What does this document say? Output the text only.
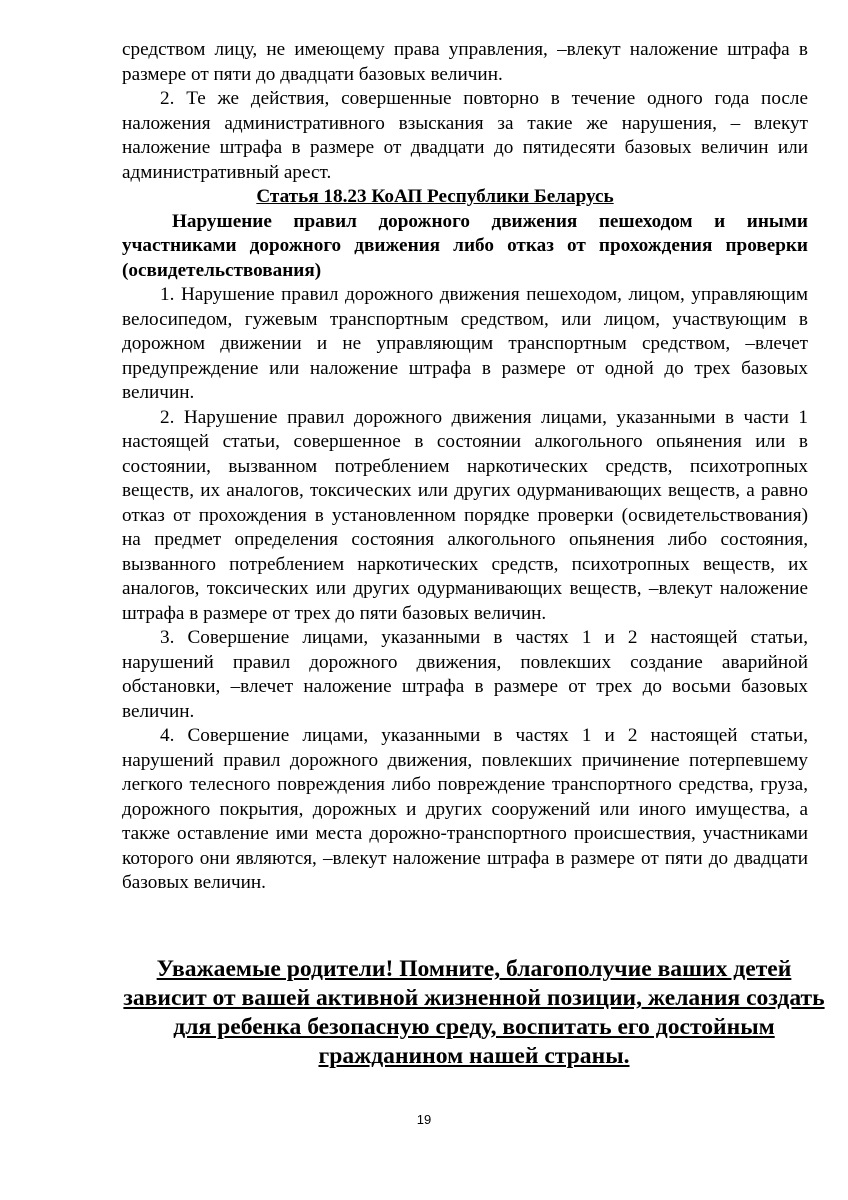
средством лицу, не имеющему права управления, –влекут наложение штрафа в размере от пяти до двадцати базовых величин.

2. Те же действия, совершенные повторно в течение одного года после наложения административного взыскания за такие же нарушения, – влекут наложение штрафа в размере от двадцати до пятидесяти базовых величин или административный арест.

Статья 18.23 КоАП Республики Беларусь

Нарушение правил дорожного движения пешеходом и иными участниками дорожного движения либо отказ от прохождения проверки (освидетельствования)

1. Нарушение правил дорожного движения пешеходом, лицом, управляющим велосипедом, гужевым транспортным средством, или лицом, участвующим в дорожном движении и не управляющим транспортным средством, –влечет предупреждение или наложение штрафа в размере от одной до трех базовых величин.

2. Нарушение правил дорожного движения лицами, указанными в части 1 настоящей статьи, совершенное в состоянии алкогольного опьянения или в состоянии, вызванном потреблением наркотических средств, психотропных веществ, их аналогов, токсических или других одурманивающих веществ, а равно отказ от прохождения в установленном порядке проверки (освидетельствования) на предмет определения состояния алкогольного опьянения либо состояния, вызванного потреблением наркотических средств, психотропных веществ, их аналогов, токсических или других одурманивающих веществ, –влекут наложение штрафа в размере от трех до пяти базовых величин.

3. Совершение лицами, указанными в частях 1 и 2 настоящей статьи, нарушений правил дорожного движения, повлекших создание аварийной обстановки, –влечет наложение штрафа в размере от трех до восьми базовых величин.

4. Совершение лицами, указанными в частях 1 и 2 настоящей статьи, нарушений правил дорожного движения, повлекших причинение потерпевшему легкого телесного повреждения либо повреждение транспортного средства, груза, дорожного покрытия, дорожных и других сооружений или иного имущества, а также оставление ими места дорожно-транспортного происшествия, участниками которого они являются, –влекут наложение штрафа в размере от пяти до двадцати базовых величин.

Уважаемые родители! Помните, благополучие ваших детей зависит от вашей активной жизненной позиции, желания создать для ребенка безопасную среду, воспитать его достойным гражданином нашей страны.
19
